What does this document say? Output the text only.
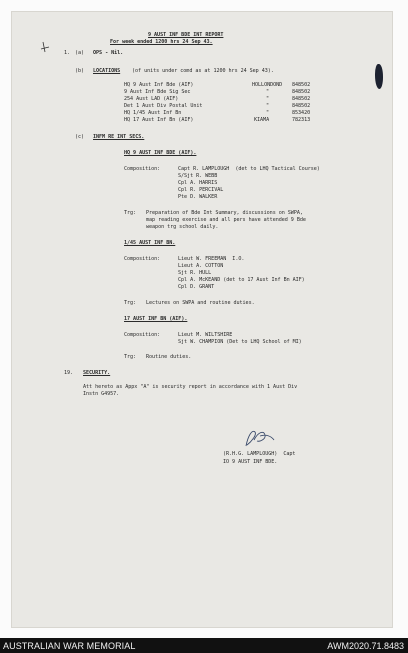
9 AUST INF BDE INT REPORT
For week ended 1200 hrs 24 Sep 43.
1. (a) OPS - Nil.
(b) LOCATIONS (of units under comd as at 1200 hrs 24 Sep 43).
HQ 9 Aust Inf Bde (AIF)	HOLLONDOND 848502
9 Aust Inf Bde Sig Sec	"	848502
254 Aust LAD (AIF)	"	848502
Det 1 Aust Div Postal Unit	"	848502
HQ 1/45 Aust Inf Bn	"	853420
HQ 17 Aust Inf Bn (AIF)	KIAMA	782313
(c) INFM RE INT SECS.
HQ 9 AUST INF BDE (AIF).
Composition:	Capt R. LAMPLOUGH  (det to LHQ Tactical Course)
S/Sjt R. WEBB
Cpl A. HARRIS
Cpl R. PERCIVAL
Pte D. WALKER
Trg: Preparation of Bde Int Summary, discussions on SWPA,
map reading exercise and all pers have attended 9 Bde
weapon trg school daily.
1/45 AUST INF BN.
Composition:	Lieut W. FREEMAN  I.O.
Lieut A. COTTON
Sjt R. HULL
Cpl A. McKEAND (det to 17 Aust Inf Bn AIF)
Cpl D. GRANT
Trg: Lectures on SWPA and routine duties.
17 AUST INF BN (AIF).
Composition:	Lieut M. WILTSHIRE
Sjt W. CHAMPION (Det to LHQ School of MI)
Trg: Routine duties.
19. SECURITY.
Att hereto as Appx "A" is security report in accordance with 1 Aust Div
Instn G4957.
(R.H.G. LAMPLOUGH)  Capt
IO 9 AUST INF BDE.
AUSTRALIAN WAR MEMORIAL	AWM2020.71.8483
